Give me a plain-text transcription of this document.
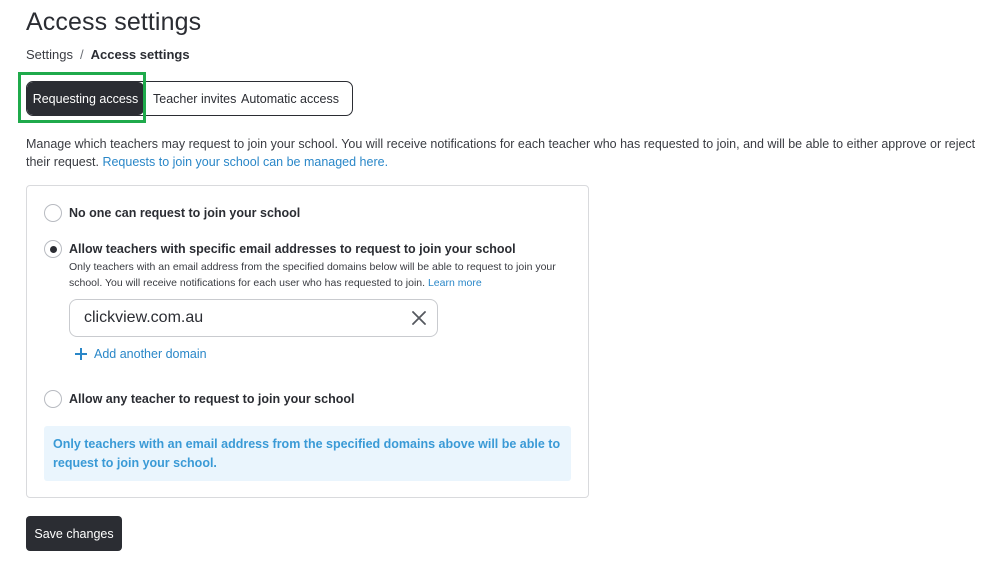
Access settings
Settings / Access settings
Requesting access	Teacher invites Automatic access

Manage which teachers may request to join your school. You will receive notifications for each teacher who has requested to join, and will be able to either approve or reject their request. Requests to join your school can be managed here.

No one can request to join your school
Allow teachers with specific email addresses to request to join your school

Only teachers with an email address from the specified domains below will be able to request to join your school. You will receive notifications for each user who has requested to join. Learn more

clickview.com.au
Add another domain
Allow any teacher to request to join your school
Only teachers with an email address from the specified domains above will be able to request to join your school.
Save changes
